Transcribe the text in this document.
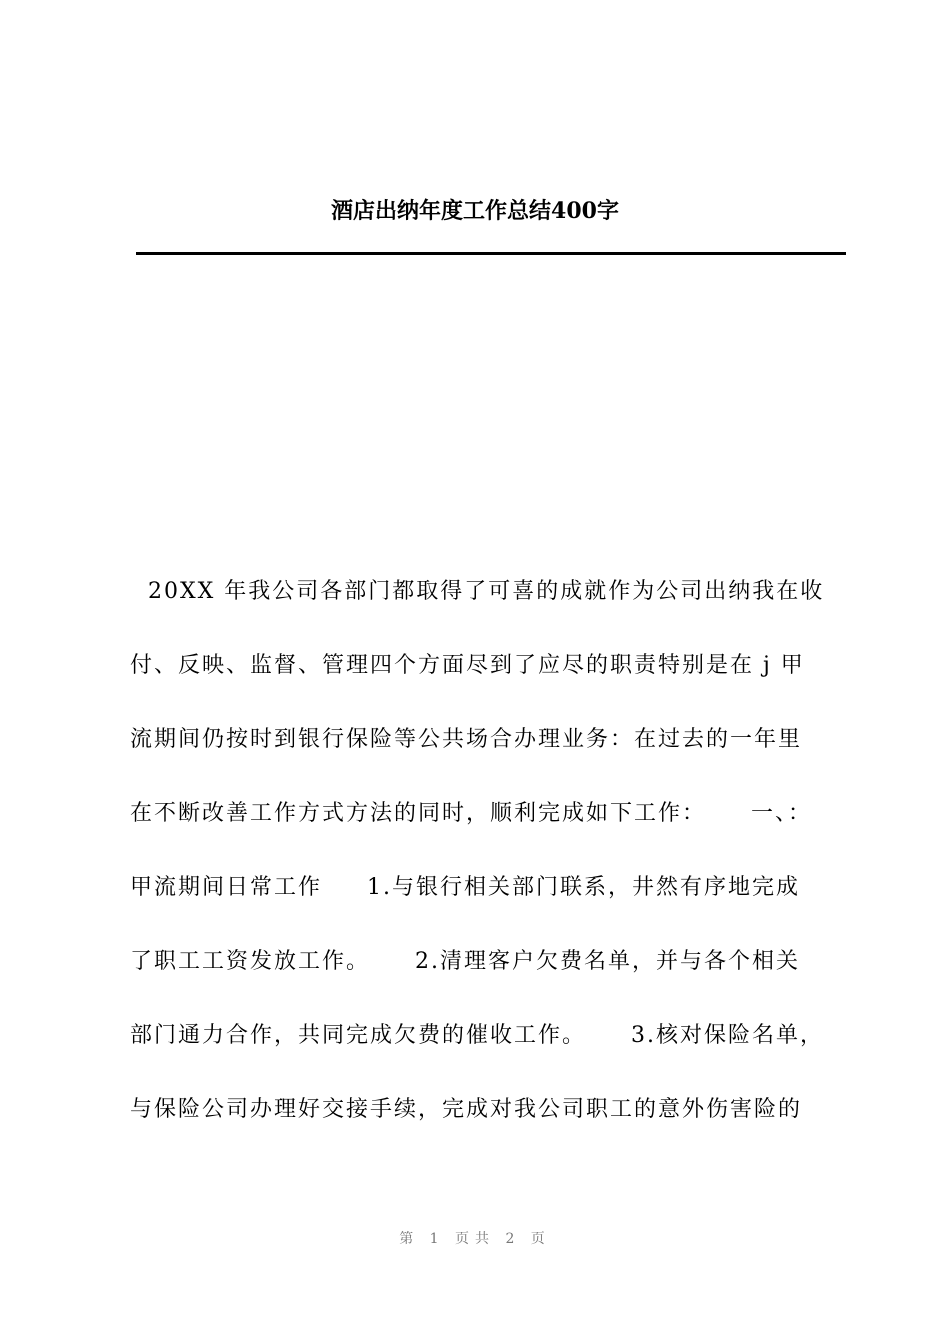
酒店出纳年度工作总结400字
20XX 年我公司各部门都取得了可喜的成就作为公司出纳我在收
付、反映、监督、管理四个方面尽到了应尽的职责特别是在 j 甲
流期间仍按时到银行保险等公共场合办理业务：在过去的一年里
在不断改善工作方式方法的同时，顺利完成如下工作：     一、：
甲流期间日常工作     1.与银行相关部门联系，井然有序地完成
了职工工资发放工作。     2.清理客户欠费名单，并与各个相关
部门通力合作，共同完成欠费的催收工作。     3.核对保险名单，
与保险公司办理好交接手续，完成对我公司职工的意外伤害险的
第 1 页共 2 页
